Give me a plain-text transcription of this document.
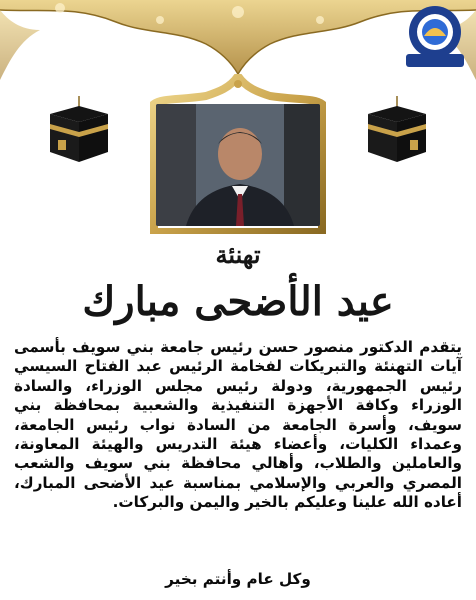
تهنئة
عيد الأضحى مبارك

يتقدم الدكتور منصور حسن رئيس جامعة بني سويف بأسمى آيات التهنئة والتبريكات لفخامة الرئيس عبد الفتاح السيسي رئيس الجمهورية، ودولة رئيس مجلس الوزراء، والسادة الوزراء وكافة الأجهزة التنفيذية والشعبية بمحافظة بني سويف، وأسرة الجامعة من السادة نواب رئيس الجامعة، وعمداء الكليات، وأعضاء هيئة التدريس والهيئة المعاونة، والعاملين والطلاب، وأهالي محافظة بني سويف والشعب المصري والعربي والإسلامي بمناسبة عيد الأضحى المبارك، أعاده الله علينا وعليكم بالخير واليمن والبركات.

وكل عام وأنتم بخير
